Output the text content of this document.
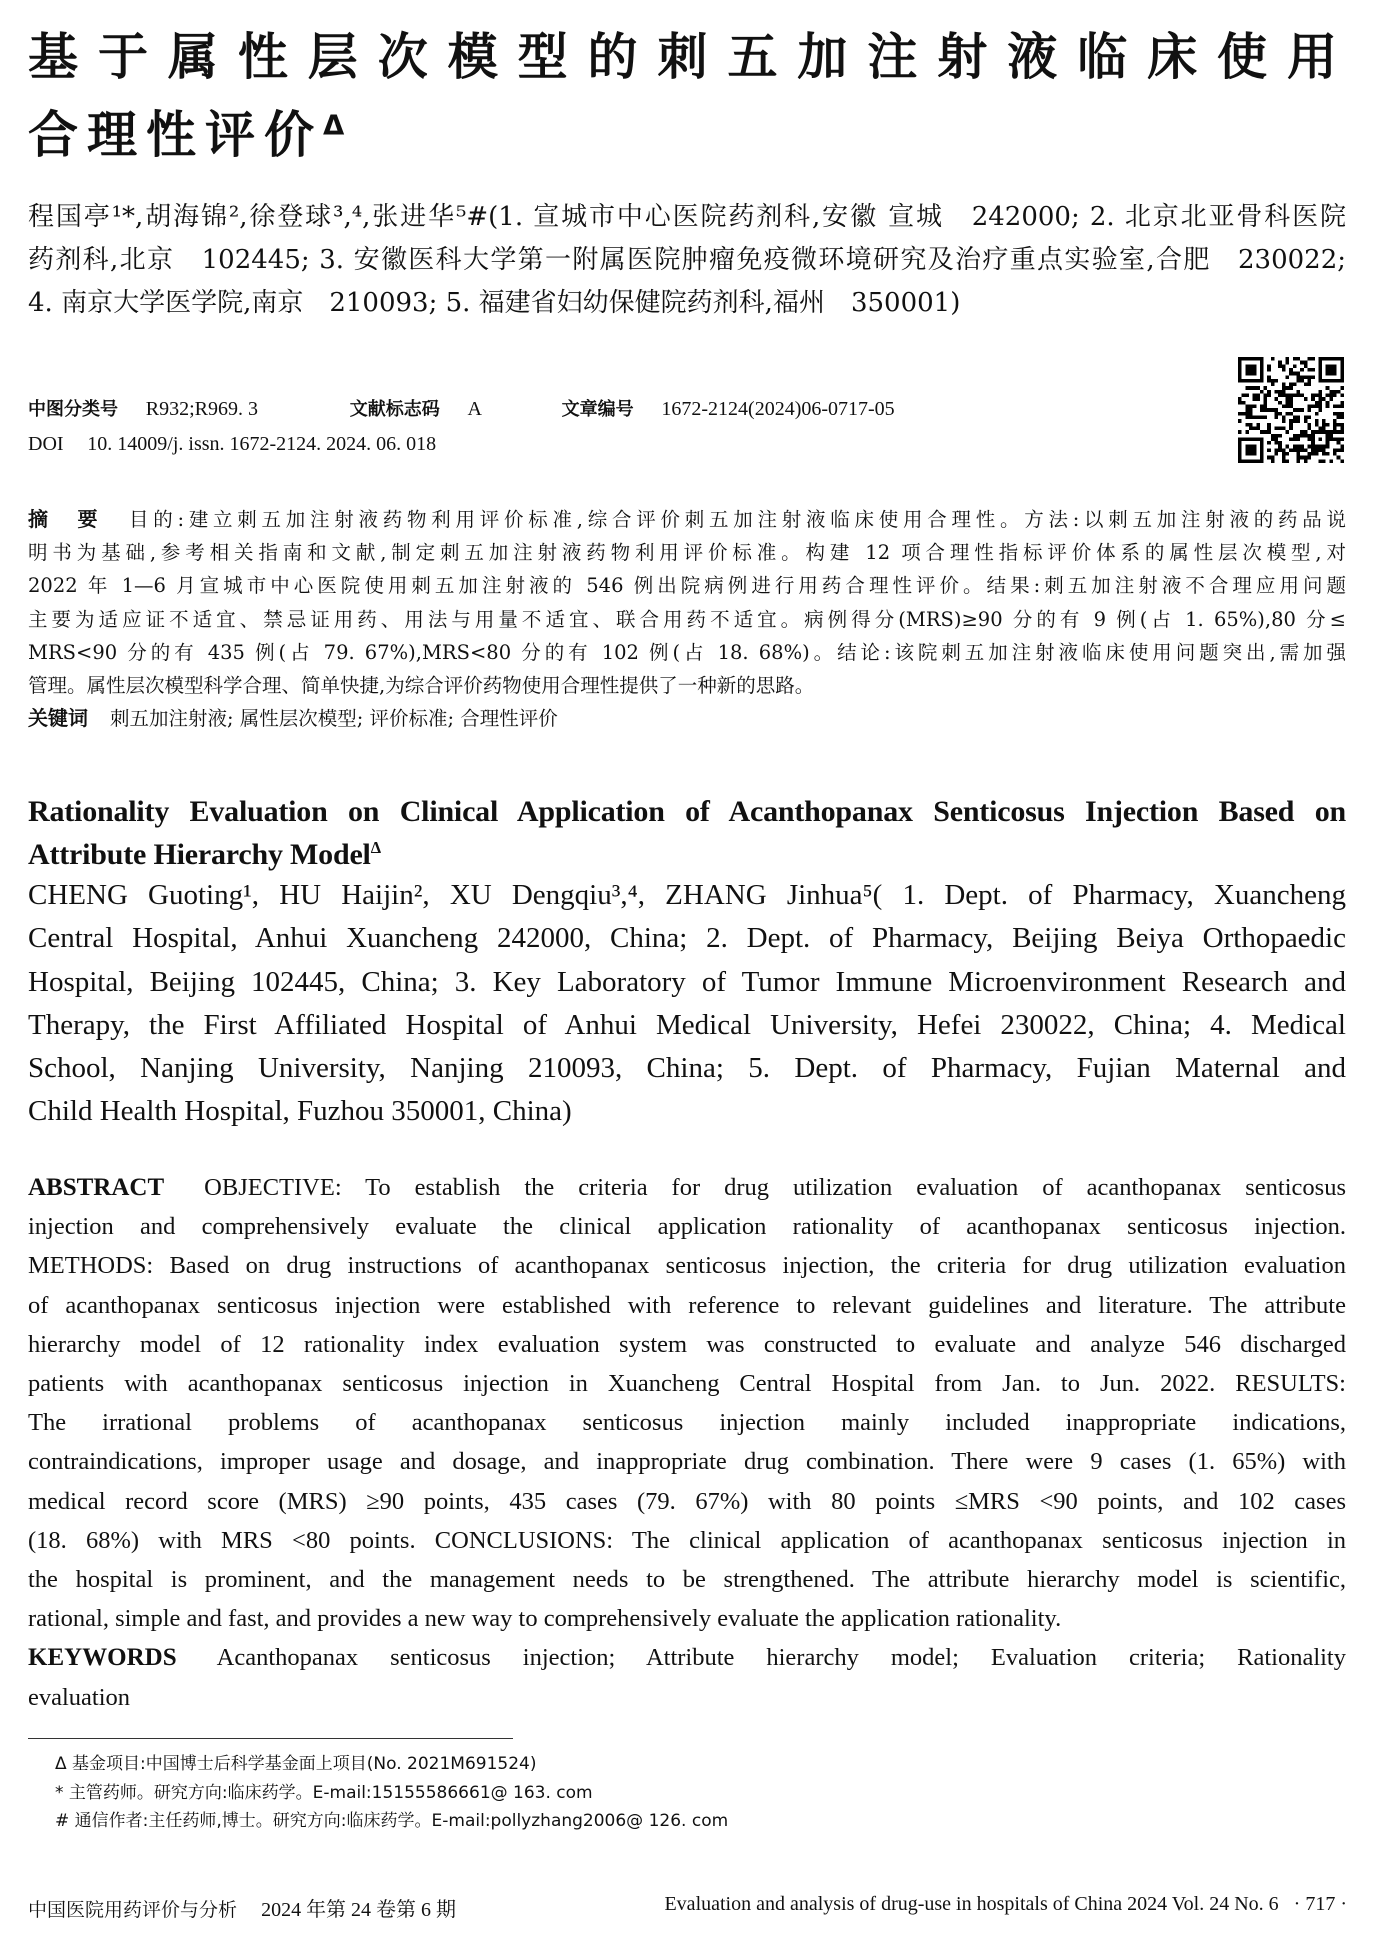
基于属性层次模型的刺五加注射液临床使用
合理性评价$^\Delta$
程国亭¹*,胡海锦²,徐登球³,⁴,张进华⁵#(1. 宣城市中心医院药剂科,安徽 宣城　242000; 2. 北京北亚骨科医院
药剂科,北京　102445; 3. 安徽医科大学第一附属医院肿瘤免疫微环境研究及治疗重点实验室,合肥　230022;
4. 南京大学医学院,南京　210093; 5. 福建省妇幼保健院药剂科,福州　350001)
中图分类号 R932;R969. 3	文献标志码 A	文章编号 1672-2124(2024)06-0717-05
DOI 10. 14009/j. issn. 1672-2124. 2024. 06. 018
摘　要 目的:建立刺五加注射液药物利用评价标准,综合评价刺五加注射液临床使用合理性。方法:以刺五加注射液的药品说
明书为基础,参考相关指南和文献,制定刺五加注射液药物利用评价标准。构建 12 项合理性指标评价体系的属性层次模型,对
2022 年 1—6 月宣城市中心医院使用刺五加注射液的 546 例出院病例进行用药合理性评价。结果:刺五加注射液不合理应用问题
主要为适应证不适宜、禁忌证用药、用法与用量不适宜、联合用药不适宜。病例得分(MRS)≥90 分的有 9 例(占 1. 65%),80 分≤
MRS<90 分的有 435 例(占 79. 67%),MRS<80 分的有 102 例(占 18. 68%)。结论:该院刺五加注射液临床使用问题突出,需加强
管理。属性层次模型科学合理、简单快捷,为综合评价药物使用合理性提供了一种新的思路。
关键词 刺五加注射液; 属性层次模型; 评价标准; 合理性评价
Rationality Evaluation on Clinical Application of Acanthopanax Senticosus Injection Based on
Attribute Hierarchy Model$^\Delta$
CHENG Guoting¹, HU Haijin², XU Dengqiu³,⁴, ZHANG Jinhua⁵( 1. Dept. of Pharmacy, Xuancheng
Central Hospital, Anhui Xuancheng 242000, China; 2. Dept. of Pharmacy, Beijing Beiya Orthopaedic
Hospital, Beijing 102445, China; 3. Key Laboratory of Tumor Immune Microenvironment Research and
Therapy, the First Affiliated Hospital of Anhui Medical University, Hefei 230022, China; 4. Medical
School, Nanjing University, Nanjing 210093, China; 5. Dept. of Pharmacy, Fujian Maternal and
Child Health Hospital, Fuzhou 350001, China)
ABSTRACT OBJECTIVE: To establish the criteria for drug utilization evaluation of acanthopanax senticosus
injection and comprehensively evaluate the clinical application rationality of acanthopanax senticosus injection.
METHODS: Based on drug instructions of acanthopanax senticosus injection, the criteria for drug utilization evaluation
of acanthopanax senticosus injection were established with reference to relevant guidelines and literature. The attribute
hierarchy model of 12 rationality index evaluation system was constructed to evaluate and analyze 546 discharged
patients with acanthopanax senticosus injection in Xuancheng Central Hospital from Jan. to Jun. 2022. RESULTS:
The irrational problems of acanthopanax senticosus injection mainly included inappropriate indications,
contraindications, improper usage and dosage, and inappropriate drug combination. There were 9 cases (1. 65%) with
medical record score (MRS) ≥90 points, 435 cases (79. 67%) with 80 points ≤MRS <90 points, and 102 cases
(18. 68%) with MRS <80 points. CONCLUSIONS: The clinical application of acanthopanax senticosus injection in
the hospital is prominent, and the management needs to be strengthened. The attribute hierarchy model is scientific,
rational, simple and fast, and provides a new way to comprehensively evaluate the application rationality.
KEYWORDS Acanthopanax senticosus injection; Attribute hierarchy model; Evaluation criteria; Rationality
evaluation
Δ 基金项目:中国博士后科学基金面上项目(No. 2021M691524)
* 主管药师。研究方向:临床药学。E-mail:15155586661@ 163. com
# 通信作者:主任药师,博士。研究方向:临床药学。E-mail:pollyzhang2006@ 126. com
中国医院用药评价与分析 2024 年第 24 卷第 6 期	Evaluation and analysis of drug-use in hospitals of China 2024 Vol. 24 No. 6 · 717 ·
